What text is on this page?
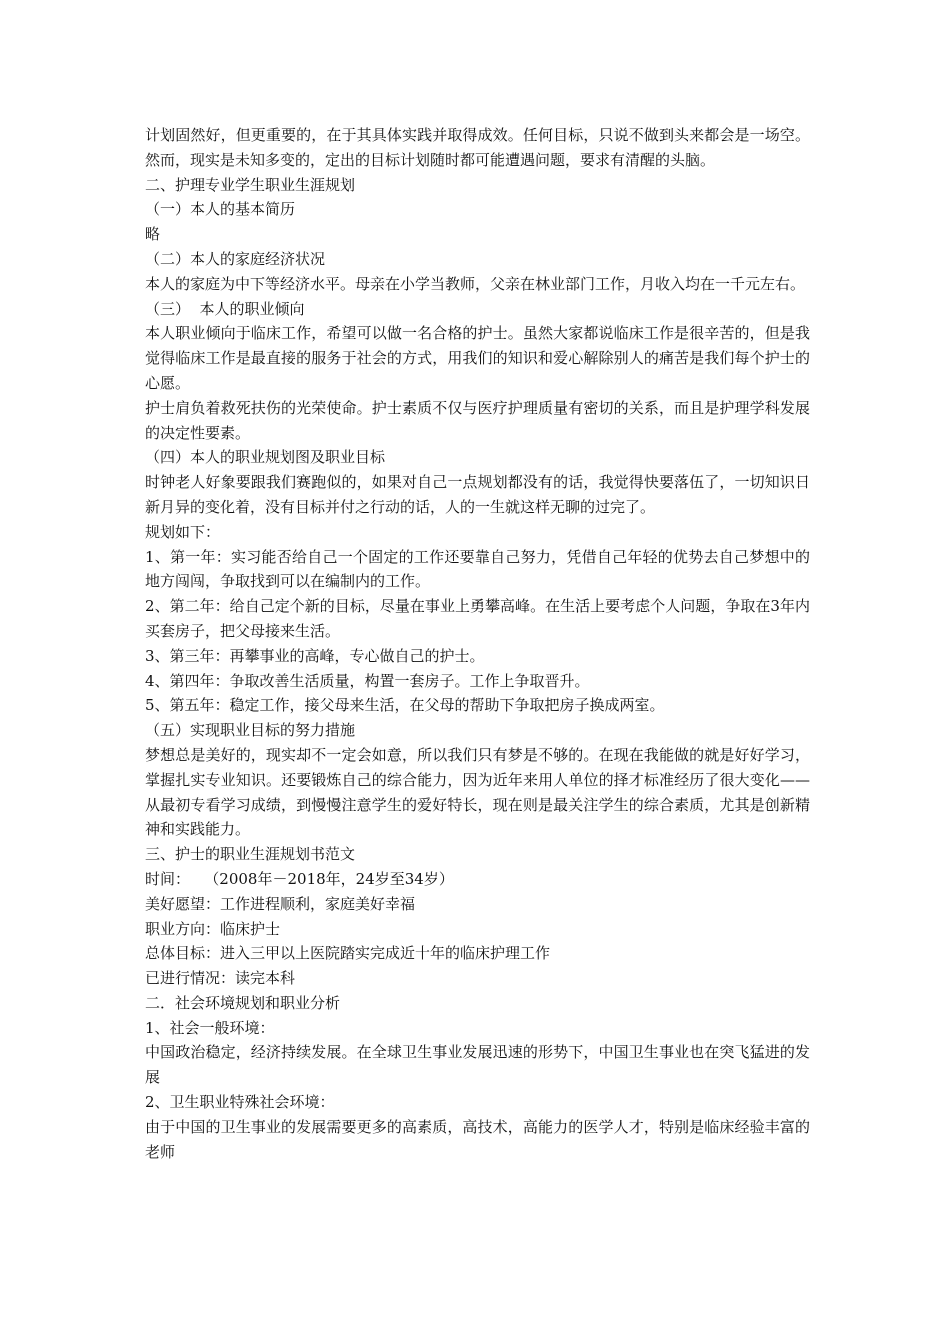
计划固然好，但更重要的，在于其具体实践并取得成效。任何目标，只说不做到头来都会是一场空。然而，现实是未知多变的，定出的目标计划随时都可能遭遇问题，要求有清醒的头脑。
二、护理专业学生职业生涯规划
（一）本人的基本简历
略
（二）本人的家庭经济状况
本人的家庭为中下等经济水平。母亲在小学当教师，父亲在林业部门工作，月收入均在一千元左右。
（三）  本人的职业倾向
本人职业倾向于临床工作，希望可以做一名合格的护士。虽然大家都说临床工作是很辛苦的，但是我觉得临床工作是最直接的服务于社会的方式，用我们的知识和爱心解除别人的痛苦是我们每个护士的心愿。
护士肩负着救死扶伤的光荣使命。护士素质不仅与医疗护理质量有密切的关系，而且是护理学科发展的决定性要素。
（四）本人的职业规划图及职业目标
时钟老人好象要跟我们赛跑似的，如果对自己一点规划都没有的话，我觉得快要落伍了，一切知识日新月异的变化着，没有目标并付之行动的话，人的一生就这样无聊的过完了。
规划如下：
1、第一年：实习能否给自己一个固定的工作还要靠自己努力，凭借自己年轻的优势去自己梦想中的地方闯闯，争取找到可以在编制内的工作。
2、第二年：给自己定个新的目标，尽量在事业上勇攀高峰。在生活上要考虑个人问题，争取在3年内买套房子，把父母接来生活。
3、第三年：再攀事业的高峰，专心做自己的护士。
4、第四年：争取改善生活质量，构置一套房子。工作上争取晋升。
5、第五年：稳定工作，接父母来生活，在父母的帮助下争取把房子换成两室。
（五）实现职业目标的努力措施
梦想总是美好的，现实却不一定会如意，所以我们只有梦是不够的。在现在我能做的就是好好学习，掌握扎实专业知识。还要锻炼自己的综合能力，因为近年来用人单位的择才标准经历了很大变化——从最初专看学习成绩，到慢慢注意学生的爱好特长，现在则是最关注学生的综合素质，尤其是创新精神和实践能力。
三、护士的职业生涯规划书范文
时间：   （2008年－2018年，24岁至34岁）
美好愿望：工作进程顺利，家庭美好幸福
职业方向：临床护士
总体目标：进入三甲以上医院踏实完成近十年的临床护理工作
已进行情况：读完本科
二．社会环境规划和职业分析
1、社会一般环境：
中国政治稳定，经济持续发展。在全球卫生事业发展迅速的形势下，中国卫生事业也在突飞猛进的发展
2、卫生职业特殊社会环境：
由于中国的卫生事业的发展需要更多的高素质，高技术，高能力的医学人才，特别是临床经验丰富的老师
